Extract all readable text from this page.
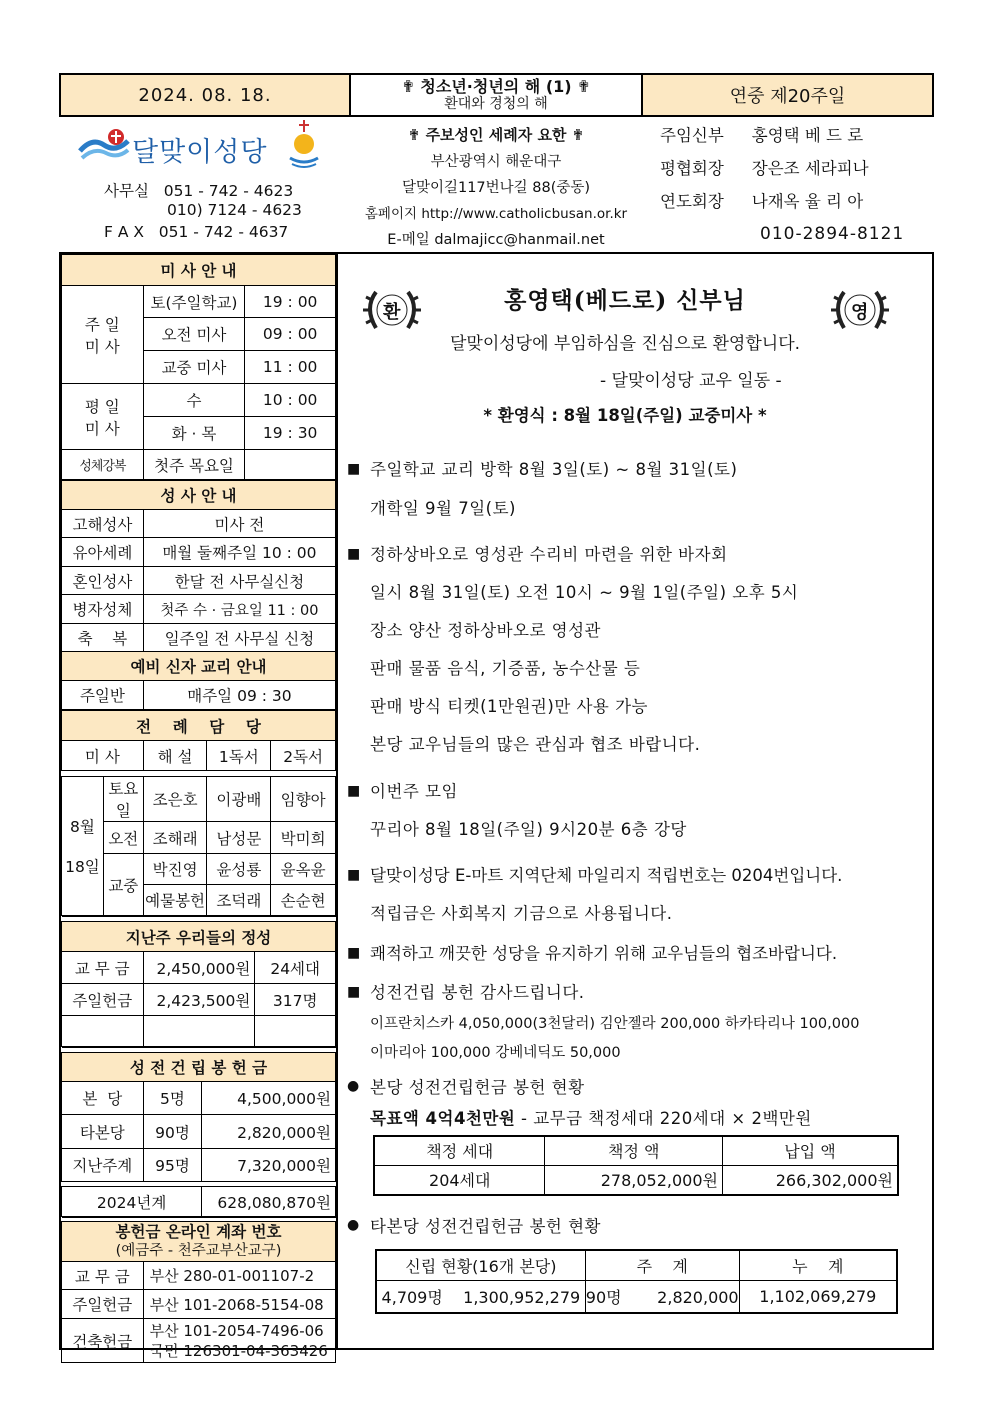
2024. 08. 18.	✟ 청소년·청년의 해 (1) ✟
환대와 경청의 해	연중 제20주일
달맞이성당
사무실 051 - 742 - 4623
010) 7124 - 4623
F A X 051 - 742 - 4637
✟ 주보성인 세례자 요한 ✟
부산광역시 해운대구
달맞이길117번나길 88(중동)
홈페이지 http://www.catholicbusan.or.kr
E-메일 dalmajicc@hanmail.net
주임신부 홍영택 베 드 로
평협회장 장은조 세라피나
연도회장 나재옥 율 리 아
010-2894-8121
미 사 안 내		
주 일
미 사	토(주일학교)	19 : 00
	오전 미사	09 : 00
	교중 미사	11 : 00
평 일
미 사	수	10 : 00
	화 · 목	19 : 30
성체강복	첫주 목요일	
성 사 안 내	
고해성사	미사 전
유아세례	매월 둘째주일 10 : 00
혼인성사	한달 전 사무실신청
병자성체	첫주 수 · 금요일 11 : 00
축    복	일주일 전 사무실 신청
예비 신자 교리 안내	
주일반	매주일 09 : 30
전    례    담    당				
미 사		해 설	1독서	2독서

8월

18일	토요일	조은호	이광배	임향아
	오전	조해래	남성문	박미희
	교중	박진영	윤성룡	윤옥윤
		예물봉헌	조덕래	손순현

지난주 우리들의 정성		
교 무 금	2,450,000원	24세대
주일헌금	2,423,500원	317명

성 전 건 립 봉 헌 금		
본  당	5명	4,500,000원
타본당	90명	2,820,000원
지난주계	95명	7,320,000원

2024년계		628,080,870원

봉헌금 온라인 계좌 번호
(예금주 - 천주교부산교구)	
교 무 금	부산 280-01-001107-2
주일헌금	부산 101-2068-5154-08
건축헌금	부산 101-2054-7496-06
국민 126301-04-363426
환	영
홍영택(베드로) 신부님
달맞이성당에 부임하심을 진심으로 환영합니다.
- 달맞이성당 교우 일동 -
* 환영식 : 8월 18일(주일) 교중미사 *
■ 주일학교 교리 방학 8월 3일(토) ~ 8월 31일(토)
개학일 9월 7일(토)
■ 정하상바오로 영성관 수리비 마련을 위한 바자회
일시 8월 31일(토) 오전 10시 ~ 9월 1일(주일) 오후 5시
장소 양산 정하상바오로 영성관
판매 물품 음식, 기증품, 농수산물 등
판매 방식 티켓(1만원권)만 사용 가능
본당 교우님들의 많은 관심과 협조 바랍니다.
■ 이번주 모임
꾸리아 8월 18일(주일) 9시20분 6층 강당
■ 달맞이성당 E-마트 지역단체 마일리지 적립번호는 0204번입니다.
적립금은 사회복지 기금으로 사용됩니다.
■ 쾌적하고 깨끗한 성당을 유지하기 위해 교우님들의 협조바랍니다.
■ 성전건립 봉헌 감사드립니다.
이프란치스카 4,050,000(3천달러) 김안젤라 200,000 하카타리나 100,000
이마리아 100,000 강베네딕도 50,000
● 본당 성전건립헌금 봉헌 현황
목표액 4억4천만원 - 교무금 책정세대 220세대 × 2백만원
책정 세대	책정 액	납입 액
204세대	278,052,000원	266,302,000원
● 타본당 성전건립헌금 봉헌 현황
신립 현황(16개 본당)	주    계	누    계
4,709명    1,300,952,279	90명       2,820,000	1,102,069,279
